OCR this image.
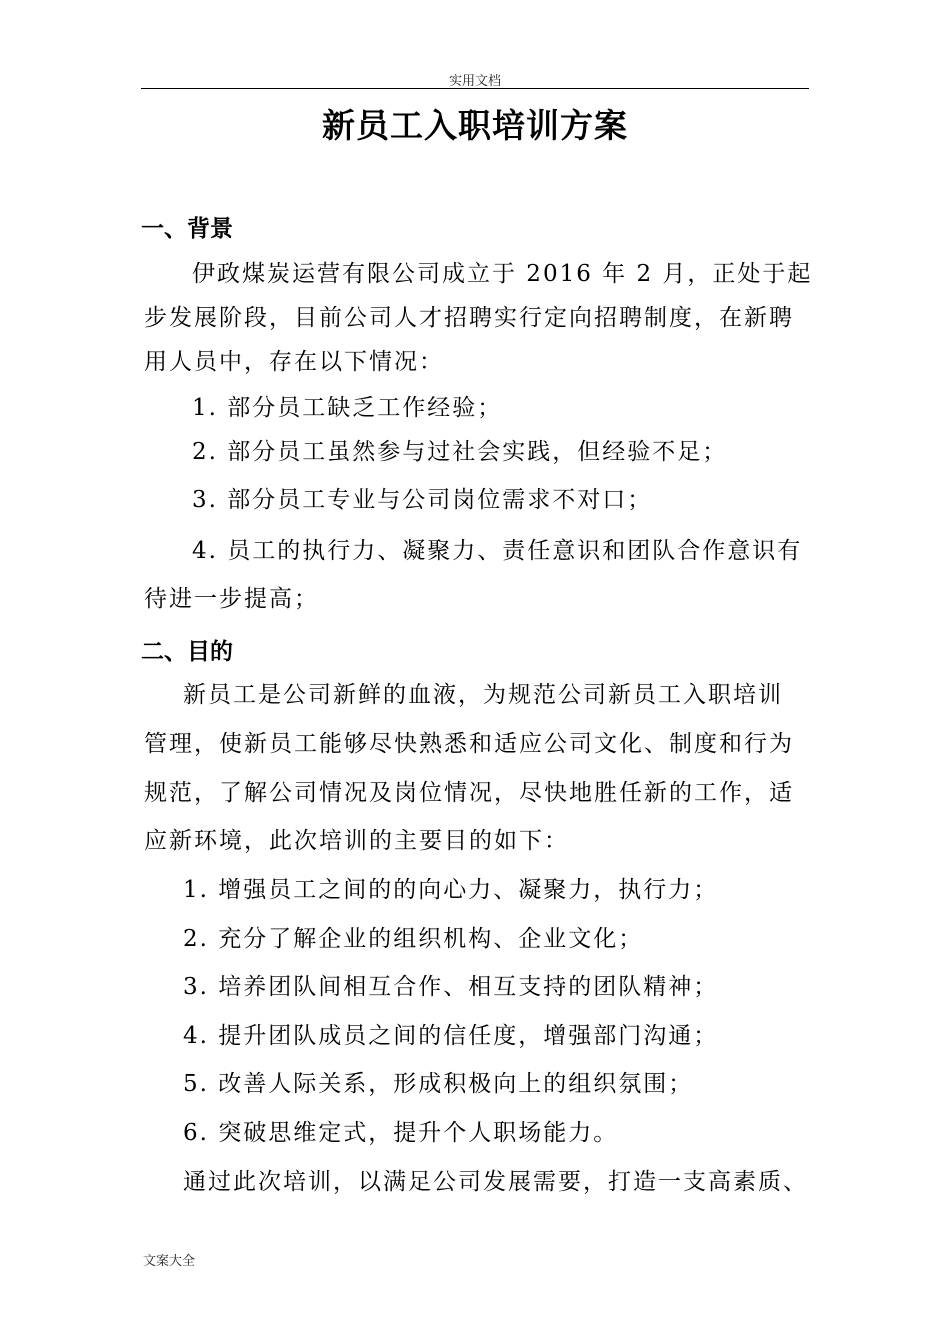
实用文档
新员工入职培训方案
一、背景
伊政煤炭运营有限公司成立于 2016 年 2 月，正处于起
步发展阶段，目前公司人才招聘实行定向招聘制度，在新聘
用人员中，存在以下情况：
1. 部分员工缺乏工作经验；
2. 部分员工虽然参与过社会实践，但经验不足；
3. 部分员工专业与公司岗位需求不对口；
4. 员工的执行力、凝聚力、责任意识和团队合作意识有
待进一步提高；
二、目的
新员工是公司新鲜的血液，为规范公司新员工入职培训
管理，使新员工能够尽快熟悉和适应公司文化、制度和行为
规范，了解公司情况及岗位情况，尽快地胜任新的工作，适
应新环境，此次培训的主要目的如下：
1. 增强员工之间的的向心力、凝聚力，执行力；
2. 充分了解企业的组织机构、企业文化；
3. 培养团队间相互合作、相互支持的团队精神；
4. 提升团队成员之间的信任度，增强部门沟通；
5. 改善人际关系，形成积极向上的组织氛围；
6. 突破思维定式，提升个人职场能力。
通过此次培训，以满足公司发展需要，打造一支高素质、
文案大全
